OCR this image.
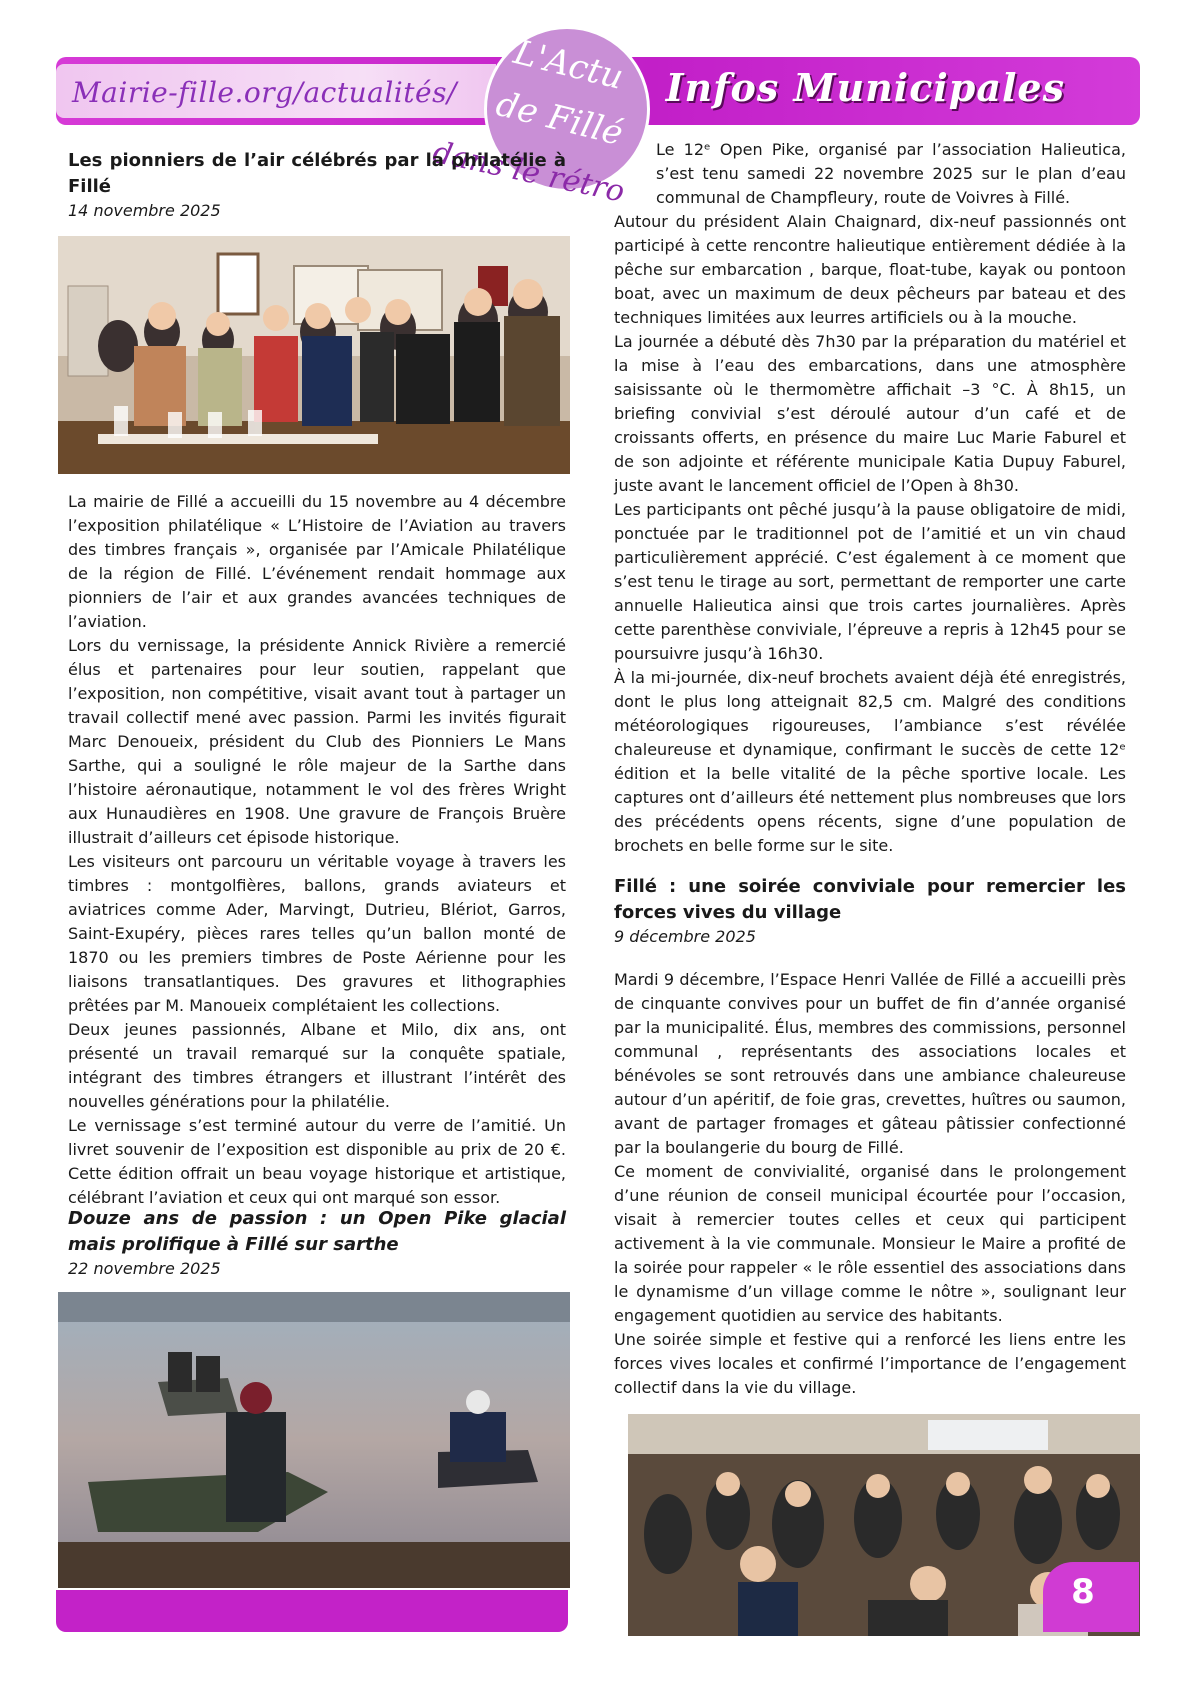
Mairie-fille.org/actualités/	Infos Municipales
L'Actu
de Fillé
dans le rétro

Les pionniers de l’air célébrés par la philatélie à Fillé

14 novembre 2025

La mairie de Fillé a accueilli du 15 novembre au 4 décembre l’exposition philatélique « L’Histoire de l’Aviation au travers des timbres français », organisée par l’Amicale Philatélique de la région de Fillé. L’événement rendait hommage aux pionniers de l’air et aux grandes avancées techniques de l’aviation.

Lors du vernissage, la présidente Annick Rivière a remercié élus et partenaires pour leur soutien, rappelant que l’exposition, non compétitive, visait avant tout à partager un travail collectif mené avec passion. Parmi les invités figurait Marc Denoueix, président du Club des Pionniers Le Mans Sarthe, qui a souligné le rôle majeur de la Sarthe dans l’histoire aéronautique, notamment le vol des frères Wright aux Hunaudières en 1908. Une gravure de François Bruère illustrait d’ailleurs cet épisode historique.

Les visiteurs ont parcouru un véritable voyage à travers les timbres : montgolfières, ballons, grands aviateurs et aviatrices comme Ader, Marvingt, Dutrieu, Blériot, Garros, Saint-Exupéry, pièces rares telles qu’un ballon monté de 1870 ou les premiers timbres de Poste Aérienne pour les liaisons transatlantiques. Des gravures et lithographies prêtées par M. Manoueix complétaient les collections.

Deux jeunes passionnés, Albane et Milo, dix ans, ont présenté un travail remarqué sur la conquête spatiale, intégrant des timbres étrangers et illustrant l’intérêt des nouvelles générations pour la philatélie.

Le vernissage s’est terminé autour du verre de l’amitié. Un livret souvenir de l’exposition est disponible au prix de 20 €. Cette édition offrait un beau voyage historique et artistique, célébrant l’aviation et ceux qui ont marqué son essor.

Douze ans de passion : un Open Pike glacial mais prolifique à Fillé sur sarthe

22 novembre 2025

Le 12ᵉ Open Pike, organisé par l’association Halieutica, s’est tenu samedi 22 novembre 2025 sur le plan d’eau communal de Champfleury, route de Voivres à Fillé.

Autour du président Alain Chaignard, dix-neuf passionnés ont participé à cette rencontre halieutique entièrement dédiée à la pêche sur embarcation , barque, float-tube, kayak ou pontoon boat, avec un maximum de deux pêcheurs par bateau et des techniques limitées aux leurres artificiels ou à la mouche.

La journée a débuté dès 7h30 par la préparation du matériel et la mise à l’eau des embarcations, dans une atmosphère saisissante où le thermomètre affichait –3 °C. À 8h15, un briefing convivial s’est déroulé autour d’un café et de croissants offerts, en présence du maire Luc Marie Faburel et de son adjointe et référente municipale Katia Dupuy Faburel, juste avant le lancement officiel de l’Open à 8h30.

Les participants ont pêché jusqu’à la pause obligatoire de midi, ponctuée par le traditionnel pot de l’amitié et un vin chaud particulièrement apprécié. C’est également à ce moment que s’est tenu le tirage au sort, permettant de remporter une carte annuelle Halieutica ainsi que trois cartes journalières. Après cette parenthèse conviviale, l’épreuve a repris à 12h45 pour se poursuivre jusqu’à 16h30.

À la mi-journée, dix-neuf brochets avaient déjà été enregistrés, dont le plus long atteignait 82,5 cm. Malgré des conditions météorologiques rigoureuses, l’ambiance s’est révélée chaleureuse et dynamique, confirmant le succès de cette 12ᵉ édition et la belle vitalité de la pêche sportive locale. Les captures ont d’ailleurs été nettement plus nombreuses que lors des précédents opens récents, signe d’une population de brochets en belle forme sur le site.

Fillé : une soirée conviviale pour remercier les forces vives du village

9 décembre 2025

Mardi 9 décembre, l’Espace Henri Vallée de Fillé a accueilli près de cinquante convives pour un buffet de fin d’année organisé par la municipalité. Élus, membres des commissions, personnel communal , représentants des associations locales et bénévoles se sont retrouvés dans une ambiance chaleureuse autour d’un apéritif, de foie gras, crevettes, huîtres ou saumon, avant de partager fromages et gâteau pâtissier confectionné par la boulangerie du bourg de Fillé.

Ce moment de convivialité, organisé dans le prolongement d’une réunion de conseil municipal écourtée pour l’occasion, visait à remercier toutes celles et ceux qui participent activement à la vie communale. Monsieur le Maire a profité de la soirée pour rappeler « le rôle essentiel des associations dans le dynamisme d’un village comme le nôtre », soulignant leur engagement quotidien au service des habitants.

Une soirée simple et festive qui a renforcé les liens entre les forces vives locales et confirmé l’importance de l’engagement collectif dans la vie du village.

8
